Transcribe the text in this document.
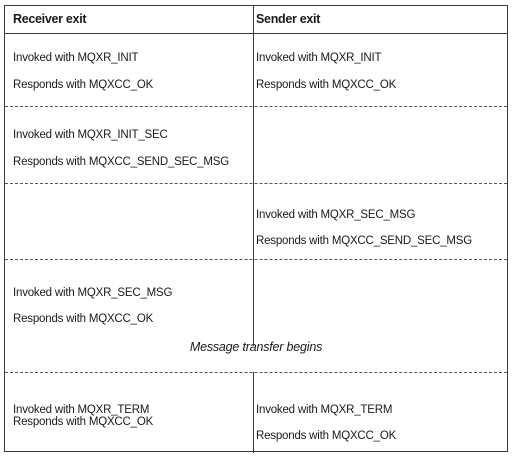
Receiver exit	Sender exit
Invoked with MQXR_INIT
Responds with MQXCC_OK
Invoked with MQXR_INIT
Responds with MQXCC_OK
Invoked with MQXR_INIT_SEC
Responds with MQXCC_SEND_SEC_MSG
Invoked with MQXR_SEC_MSG
Responds with MQXCC_SEND_SEC_MSG
Invoked with MQXR_SEC_MSG
Responds with MQXCC_OK
Message transfer begins
Invoked with MQXR_TERM
Responds with MQXCC_OK
Invoked with MQXR_TERM
Responds with MQXCC_OK
